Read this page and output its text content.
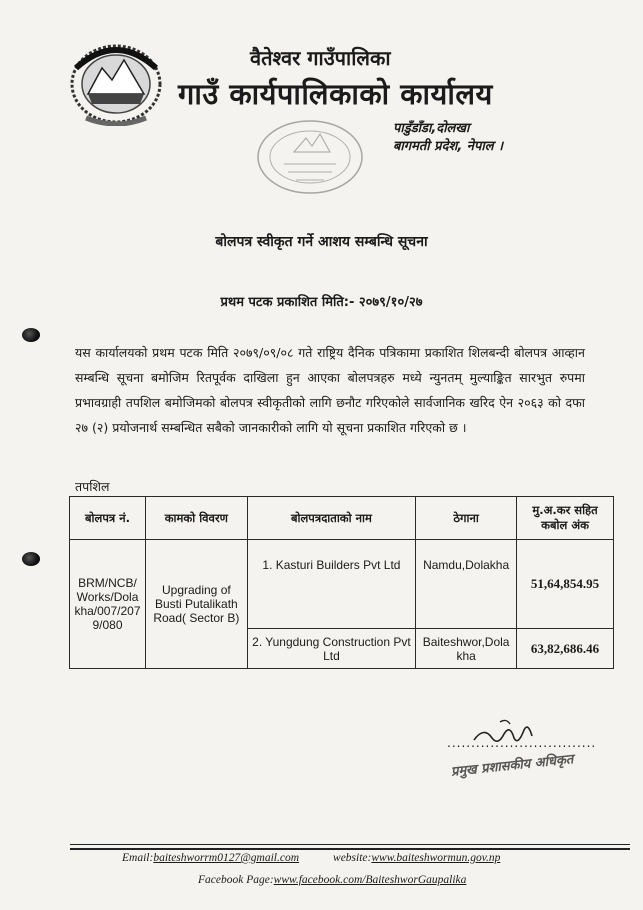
वैतेश्वर गाउँपालिका
गाउँ कार्यपालिकाको कार्यालय
पाडुँडाँडा,दोलखा
बागमती प्रदेश, नेपाल ।
बोलपत्र स्वीकृत गर्ने आशय सम्बन्धि सूचना
प्रथम पटक प्रकाशित मिति:- २०७९/१०/२७
यस कार्यालयको प्रथम पटक मिति २०७९/०९/०८ गते राष्ट्रिय दैनिक पत्रिकामा प्रकाशित शिलबन्दी बोलपत्र आव्हान सम्बन्धि सूचना बमोजिम रितपूर्वक दाखिला हुन आएका बोलपत्रहरु मध्ये न्युनतम् मुल्याङ्कित सारभुत रुपमा प्रभावग्राही तपशिल बमोजिमको बोलपत्र स्वीकृतीको लागि छनौट गरिएकोले सार्वजानिक खरिद ऐन २०६३ को दफा २७ (२) प्रयोजनार्थ सम्बन्धित सबैको जानकारीको लागि यो सूचना प्रकाशित गरिएको छ ।
तपशिल
बोलपत्र नं.	कामको विवरण	बोलपत्रदाताको नाम	ठेगाना	मु.अ.कर सहित कबोल अंक
BRM/NCB/ Works/Dola kha/007/207 9/080	Upgrading of Busti Putalikath Road( Sector B)	1. Kasturi Builders Pvt Ltd	Namdu,Dolakha	51,64,854.95
		2. Yungdung Construction Pvt Ltd	Baiteshwor,Dola kha	63,82,686.46
...............................
प्रमुख प्रशासकीय अधिकृत
Email:baiteshworrm0127@gmail.com	website:www.baiteshwormun.gov.np
Facebook Page:www.facebook.com/BaiteshworGaupalika
